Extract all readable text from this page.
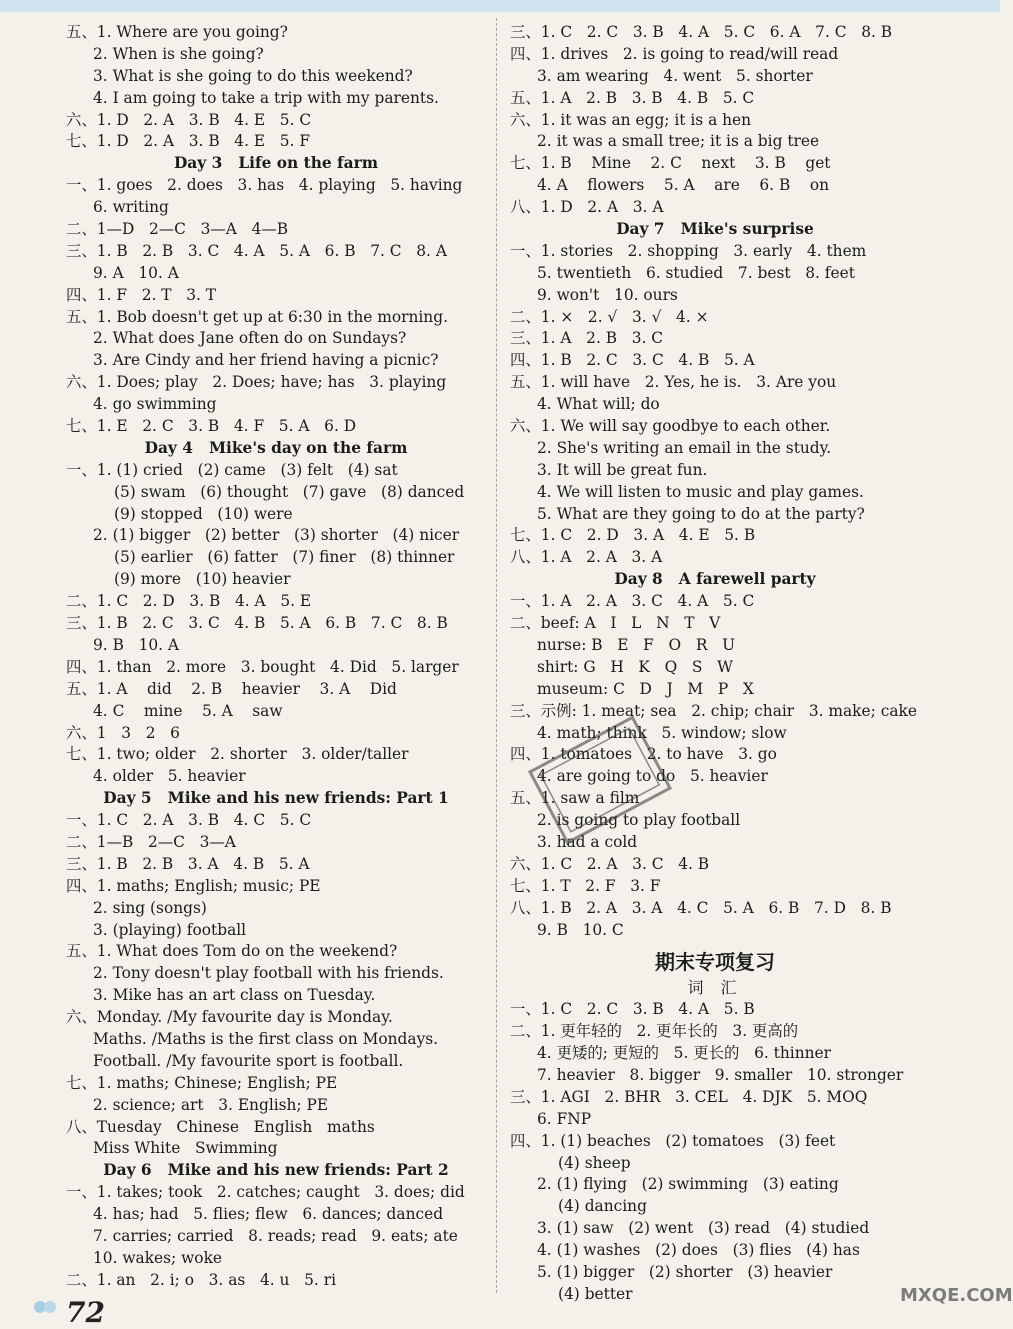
五、1. Where are you going?
2. When is she going?
3. What is she going to do this weekend?
4. I am going to take a trip with my parents.
六、1. D   2. A   3. B   4. E   5. C
七、1. D   2. A   3. B   4. E   5. F
Day 3   Life on the farm
一、1. goes   2. does   3. has   4. playing   5. having
6. writing
二、1—D   2—C   3—A   4—B
三、1. B   2. B   3. C   4. A   5. A   6. B   7. C   8. A
9. A   10. A
四、1. F   2. T   3. T
五、1. Bob doesn't get up at 6:30 in the morning.
2. What does Jane often do on Sundays?
3. Are Cindy and her friend having a picnic?
六、1. Does; play   2. Does; have; has   3. playing
4. go swimming
七、1. E   2. C   3. B   4. F   5. A   6. D
Day 4   Mike's day on the farm
一、1. (1) cried   (2) came   (3) felt   (4) sat
(5) swam   (6) thought   (7) gave   (8) danced
(9) stopped   (10) were
2. (1) bigger   (2) better   (3) shorter   (4) nicer
(5) earlier   (6) fatter   (7) finer   (8) thinner
(9) more   (10) heavier
二、1. C   2. D   3. B   4. A   5. E
三、1. B   2. C   3. C   4. B   5. A   6. B   7. C   8. B
9. B   10. A
四、1. than   2. more   3. bought   4. Did   5. larger
五、1. A    did    2. B    heavier    3. A    Did
4. C    mine    5. A    saw
六、1   3   2   6
七、1. two; older   2. shorter   3. older/taller
4. older   5. heavier
Day 5   Mike and his new friends: Part 1
一、1. C   2. A   3. B   4. C   5. C
二、1—B   2—C   3—A
三、1. B   2. B   3. A   4. B   5. A
四、1. maths; English; music; PE
2. sing (songs)
3. (playing) football
五、1. What does Tom do on the weekend?
2. Tony doesn't play football with his friends.
3. Mike has an art class on Tuesday.
六、Monday. /My favourite day is Monday.
Maths. /Maths is the first class on Mondays.
Football. /My favourite sport is football.
七、1. maths; Chinese; English; PE
2. science; art   3. English; PE
八、Tuesday   Chinese   English   maths
Miss White   Swimming
Day 6   Mike and his new friends: Part 2
一、1. takes; took   2. catches; caught   3. does; did
4. has; had   5. flies; flew   6. dances; danced
7. carries; carried   8. reads; read   9. eats; ate
10. wakes; woke
二、1. an   2. i; o   3. as   4. u   5. ri
三、1. C   2. C   3. B   4. A   5. C   6. A   7. C   8. B
四、1. drives   2. is going to read/will read
3. am wearing   4. went   5. shorter
五、1. A   2. B   3. B   4. B   5. C
六、1. it was an egg; it is a hen
2. it was a small tree; it is a big tree
七、1. B    Mine    2. C    next    3. B    get
4. A    flowers    5. A    are    6. B    on
八、1. D   2. A   3. A
Day 7   Mike's surprise
一、1. stories   2. shopping   3. early   4. them
5. twentieth   6. studied   7. best   8. feet
9. won't   10. ours
二、1. ×   2. √   3. √   4. ×
三、1. A   2. B   3. C
四、1. B   2. C   3. C   4. B   5. A
五、1. will have   2. Yes, he is.   3. Are you
4. What will; do
六、1. We will say goodbye to each other.
2. She's writing an email in the study.
3. It will be great fun.
4. We will listen to music and play games.
5. What are they going to do at the party?
七、1. C   2. D   3. A   4. E   5. B
八、1. A   2. A   3. A
Day 8   A farewell party
一、1. A   2. A   3. C   4. A   5. C
二、beef: A   I   L   N   T   V
nurse: B   E   F   O   R   U
shirt: G   H   K   Q   S   W
museum: C   D   J   M   P   X
三、示例: 1. meat; sea   2. chip; chair   3. make; cake
4. math; think   5. window; slow
四、1. tomatoes   2. to have   3. go
4. are going to do   5. heavier
五、1. saw a film
2. is going to play football
3. had a cold
六、1. C   2. A   3. C   4. B
七、1. T   2. F   3. F
八、1. B   2. A   3. A   4. C   5. A   6. B   7. D   8. B
9. B   10. C
期末专项复习
词 汇
一、1. C   2. C   3. B   4. A   5. B
二、1. 更年轻的   2. 更年长的   3. 更高的
4. 更矮的; 更短的   5. 更长的   6. thinner
7. heavier   8. bigger   9. smaller   10. stronger
三、1. AGI   2. BHR   3. CEL   4. DJK   5. MOQ
6. FNP
四、1. (1) beaches   (2) tomatoes   (3) feet
(4) sheep
2. (1) flying   (2) swimming   (3) eating
(4) dancing
3. (1) saw   (2) went   (3) read   (4) studied
4. (1) washes   (2) does   (3) flies   (4) has
5. (1) bigger   (2) shorter   (3) heavier
(4) better
72
MXQE.COM
